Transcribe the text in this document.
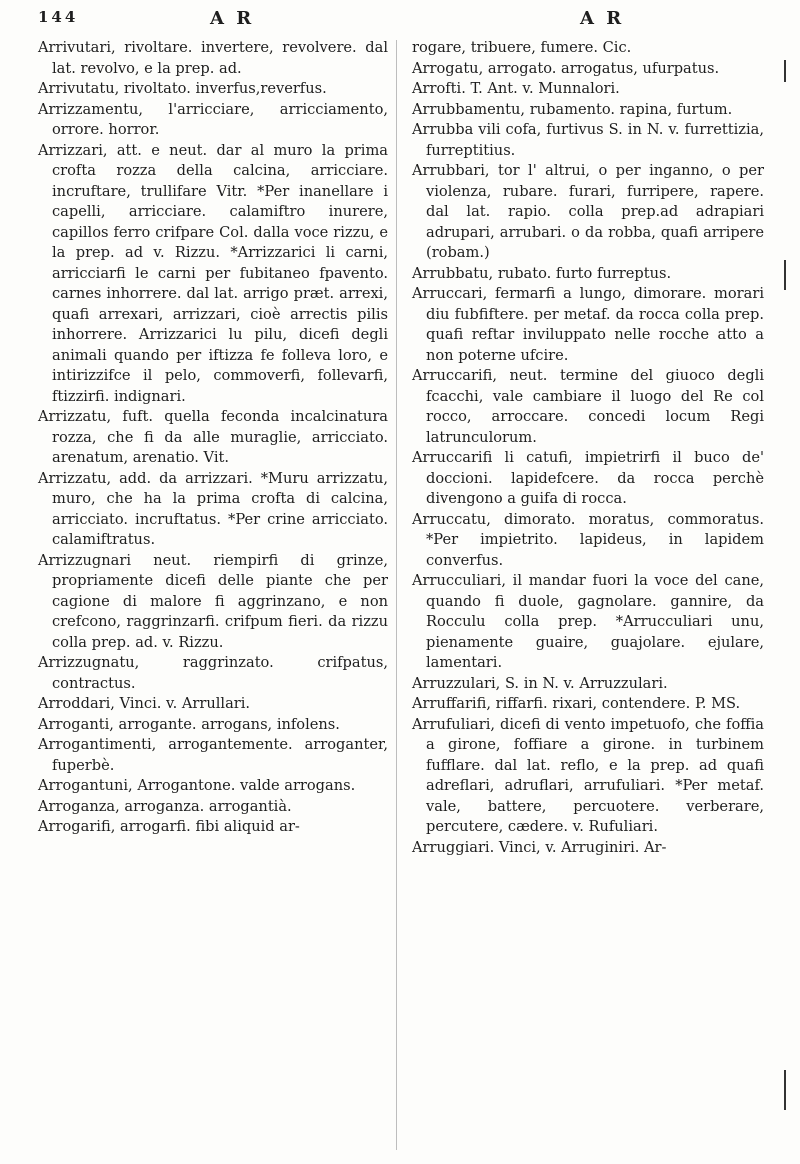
144	A R	A R

Arrivutari, rivoltare. invertere, revolvere. dal lat. revolvo, e la prep. ad.

Arrivutatu, rivoltato. inverfus,reverfus.

Arrizzamentu, l'arricciare, arricciamento, orrore. horror.

Arrizzari, att. e neut. dar al muro la prima crofta rozza della calcina, arricciare. incruftare, trullifare Vitr. *Per inanellare i capelli, arricciare. calamiftro inurere, capillos ferro crifpare Col. dalla voce rizzu, e la prep. ad v. Rizzu. *Arrizzarici li carni, arricciarfi le carni per fubitaneo fpavento. carnes inhorrere. dal lat. arrigo præt. arrexi, quafi arrexari, arrizzari, cioè arrectis pilis inhorrere. Arrizzarici lu pilu, dicefi degli animali quando per iftizza fe folleva loro, e intirizzifce il pelo, commoverfi, follevarfi, ftizzirfi. indignari.

Arrizzatu, fuft. quella feconda incalcinatura rozza, che fi da alle muraglie, arricciato. arenatum, arenatio. Vit.

Arrizzatu, add. da arrizzari. *Muru arrizzatu, muro, che ha la prima crofta di calcina, arricciato. incruftatus. *Per crine arricciato. calamiftratus.

Arrizzugnari neut. riempirfi di grinze, propriamente dicefi delle piante che per cagione di malore fi aggrinzano, e non crefcono, raggrinzarfi. crifpum fieri. da rizzu colla prep. ad. v. Rizzu.

Arrizzugnatu, raggrinzato. crifpatus, contractus.

Arroddari, Vinci. v. Arrullari.

Arroganti, arrogante. arrogans, infolens.

Arrogantimenti, arrogantemente. arroganter, fuperbè.

Arrogantuni, Arrogantone. valde arrogans.

Arroganza, arroganza. arrogantià.

Arrogarifi, arrogarfi. fibi aliquid ar-

rogare, tribuere, fumere. Cic.

Arrogatu, arrogato. arrogatus, ufurpatus.

Arrofti. T. Ant. v. Munnalori.

Arrubbamentu, rubamento. rapina, furtum.

Arrubba vili cofa, furtivus S. in N. v. furrettizia, furreptitius.

Arrubbari, tor l' altrui, o per inganno, o per violenza, rubare. furari, furripere, rapere. dal lat. rapio. colla prep.ad adrapiari adrupari, arrubari. o da robba, quafi arripere (robam.)

Arrubbatu, rubato. furto furreptus.

Arruccari, fermarfi a lungo, dimorare. morari diu fubfiftere. per metaf. da rocca colla prep. quafi reftar inviluppato nelle rocche atto a non poterne ufcire.

Arruccarifi, neut. termine del giuoco degli fcacchi, vale cambiare il luogo del Re col rocco, arroccare. concedi locum Regi latrunculorum.

Arruccarifi li catufi, impietrirfi il buco de' doccioni. lapidefcere. da rocca perchè divengono a guifa di rocca.

Arruccatu, dimorato. moratus, commoratus. *Per impietrito. lapideus, in lapidem converfus.

Arrucculiari, il mandar fuori la voce del cane, quando fi duole, gagnolare. gannire, da Rocculu colla prep. *Arrucculiari unu, pienamente guaire, guajolare. ejulare, lamentari.

Arruzzulari, S. in N. v. Arruzzulari.

Arruffarifi, riffarfi. rixari, contendere. P. MS.

Arrufuliari, dicefi di vento impetuofo, che foffia a girone, foffiare a girone. in turbinem fufflare. dal lat. reflo, e la prep. ad quafi adreflari, adruflari, arrufuliari. *Per metaf. vale, battere, percuotere. verberare, percutere, cædere. v. Rufuliari.

Arruggiari. Vinci, v. Arruginiri. Ar-
